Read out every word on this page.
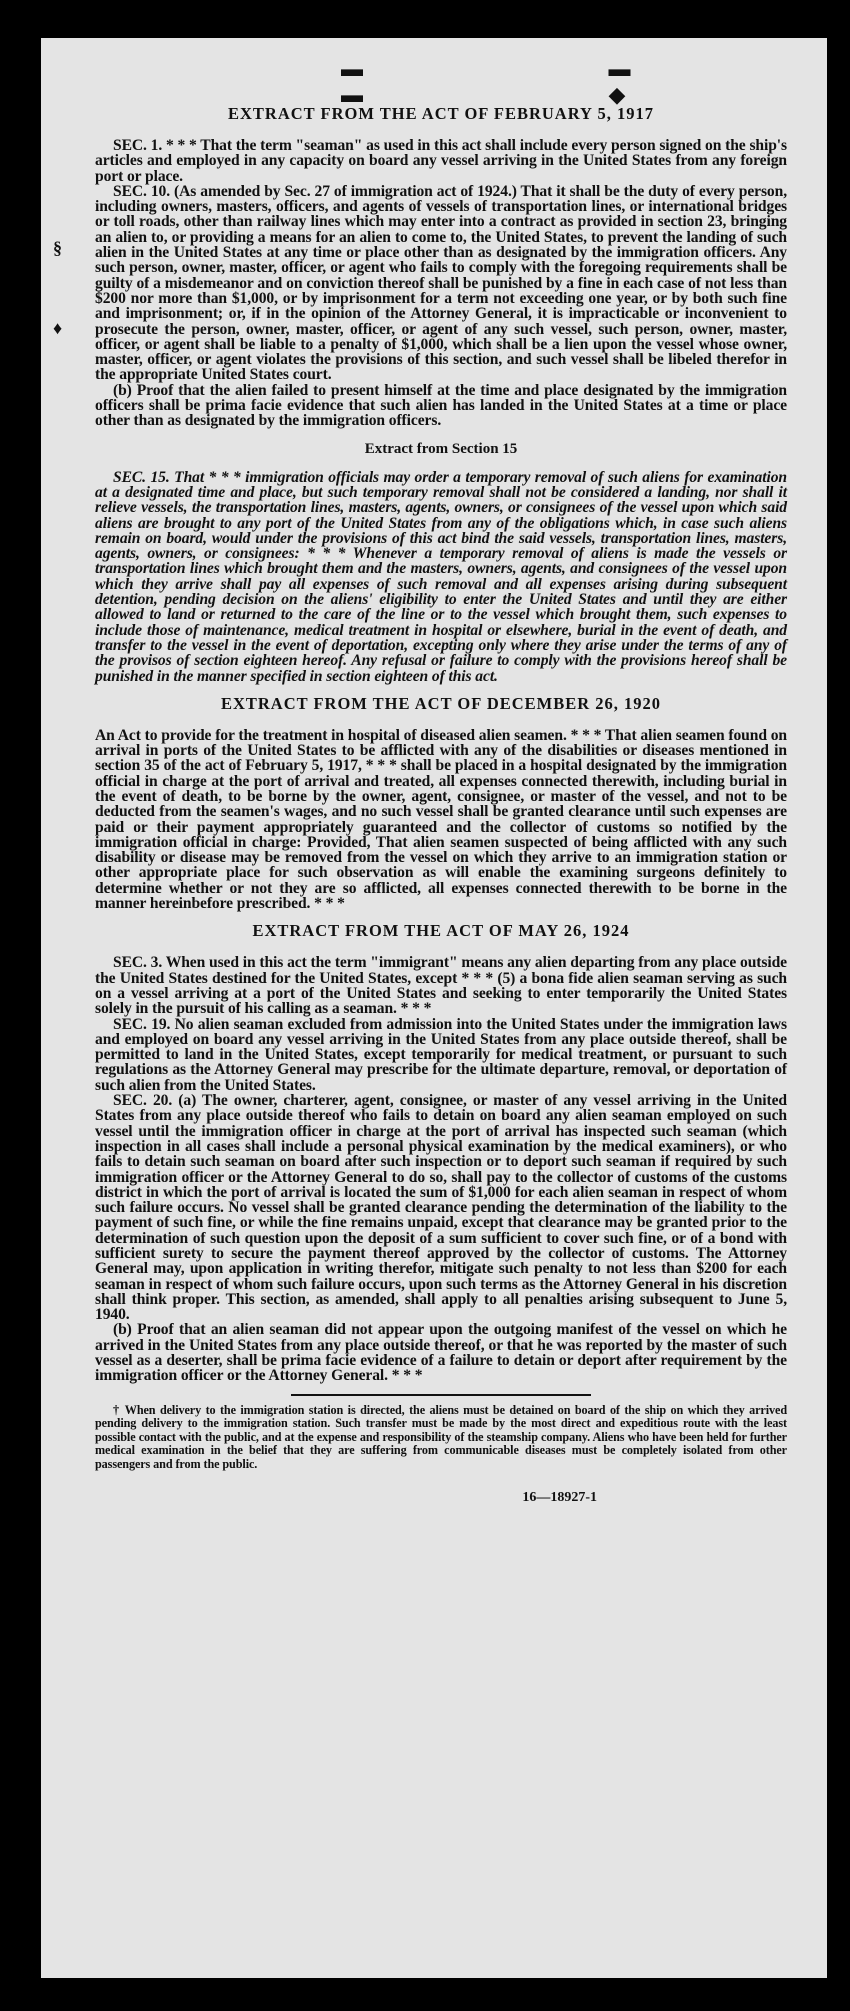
▬ ▬ ▬ ◆
§
♦
EXTRACT FROM THE ACT OF FEBRUARY 5, 1917

SEC. 1. * * * That the term "seaman" as used in this act shall include every person signed on the ship's articles and employed in any capacity on board any vessel arriving in the United States from any foreign port or place.

SEC. 10. (As amended by Sec. 27 of immigration act of 1924.) That it shall be the duty of every person, including owners, masters, officers, and agents of vessels of transportation lines, or international bridges or toll roads, other than railway lines which may enter into a contract as provided in section 23, bringing an alien to, or providing a means for an alien to come to, the United States, to prevent the landing of such alien in the United States at any time or place other than as designated by the immigration officers. Any such person, owner, master, officer, or agent who fails to comply with the foregoing requirements shall be guilty of a misdemeanor and on conviction thereof shall be punished by a fine in each case of not less than $200 nor more than $1,000, or by imprisonment for a term not exceeding one year, or by both such fine and imprisonment; or, if in the opinion of the Attorney General, it is impracticable or inconvenient to prosecute the person, owner, master, officer, or agent of any such vessel, such person, owner, master, officer, or agent shall be liable to a penalty of $1,000, which shall be a lien upon the vessel whose owner, master, officer, or agent violates the provisions of this section, and such vessel shall be libeled therefor in the appropriate United States court.

(b) Proof that the alien failed to present himself at the time and place designated by the immigration officers shall be prima facie evidence that such alien has landed in the United States at a time or place other than as designated by the immigration officers.

Extract from Section 15

SEC. 15. That * * * immigration officials may order a temporary removal of such aliens for examination at a designated time and place, but such temporary removal shall not be considered a landing, nor shall it relieve vessels, the transportation lines, masters, agents, owners, or consignees of the vessel upon which said aliens are brought to any port of the United States from any of the obligations which, in case such aliens remain on board, would under the provisions of this act bind the said vessels, transportation lines, masters, agents, owners, or consignees: * * * Whenever a temporary removal of aliens is made the vessels or transportation lines which brought them and the masters, owners, agents, and consignees of the vessel upon which they arrive shall pay all expenses of such removal and all expenses arising during subsequent detention, pending decision on the aliens' eligibility to enter the United States and until they are either allowed to land or returned to the care of the line or to the vessel which brought them, such expenses to include those of maintenance, medical treatment in hospital or elsewhere, burial in the event of death, and transfer to the vessel in the event of deportation, excepting only where they arise under the terms of any of the provisos of section eighteen hereof. Any refusal or failure to comply with the provisions hereof shall be punished in the manner specified in section eighteen of this act.

EXTRACT FROM THE ACT OF DECEMBER 26, 1920

An Act to provide for the treatment in hospital of diseased alien seamen. * * * That alien seamen found on arrival in ports of the United States to be afflicted with any of the disabilities or diseases mentioned in section 35 of the act of February 5, 1917, * * * shall be placed in a hospital designated by the immigration official in charge at the port of arrival and treated, all expenses connected therewith, including burial in the event of death, to be borne by the owner, agent, consignee, or master of the vessel, and not to be deducted from the seamen's wages, and no such vessel shall be granted clearance until such expenses are paid or their payment appropriately guaranteed and the collector of customs so notified by the immigration official in charge: Provided, That alien seamen suspected of being afflicted with any such disability or disease may be removed from the vessel on which they arrive to an immigration station or other appropriate place for such observation as will enable the examining surgeons definitely to determine whether or not they are so afflicted, all expenses connected therewith to be borne in the manner hereinbefore prescribed. * * *

EXTRACT FROM THE ACT OF MAY 26, 1924

SEC. 3. When used in this act the term "immigrant" means any alien departing from any place outside the United States destined for the United States, except * * * (5) a bona fide alien seaman serving as such on a vessel arriving at a port of the United States and seeking to enter temporarily the United States solely in the pursuit of his calling as a seaman. * * *

SEC. 19. No alien seaman excluded from admission into the United States under the immigration laws and employed on board any vessel arriving in the United States from any place outside thereof, shall be permitted to land in the United States, except temporarily for medical treatment, or pursuant to such regulations as the Attorney General may prescribe for the ultimate departure, removal, or deportation of such alien from the United States.

SEC. 20. (a) The owner, charterer, agent, consignee, or master of any vessel arriving in the United States from any place outside thereof who fails to detain on board any alien seaman employed on such vessel until the immigration officer in charge at the port of arrival has inspected such seaman (which inspection in all cases shall include a personal physical examination by the medical examiners), or who fails to detain such seaman on board after such inspection or to deport such seaman if required by such immigration officer or the Attorney General to do so, shall pay to the collector of customs of the customs district in which the port of arrival is located the sum of $1,000 for each alien seaman in respect of whom such failure occurs. No vessel shall be granted clearance pending the determination of the liability to the payment of such fine, or while the fine remains unpaid, except that clearance may be granted prior to the determination of such question upon the deposit of a sum sufficient to cover such fine, or of a bond with sufficient surety to secure the payment thereof approved by the collector of customs. The Attorney General may, upon application in writing therefor, mitigate such penalty to not less than $200 for each seaman in respect of whom such failure occurs, upon such terms as the Attorney General in his discretion shall think proper. This section, as amended, shall apply to all penalties arising subsequent to June 5, 1940.

(b) Proof that an alien seaman did not appear upon the outgoing manifest of the vessel on which he arrived in the United States from any place outside thereof, or that he was reported by the master of such vessel as a deserter, shall be prima facie evidence of a failure to detain or deport after requirement by the immigration officer or the Attorney General. * * *

† When delivery to the immigration station is directed, the aliens must be detained on board of the ship on which they arrived pending delivery to the immigration station. Such transfer must be made by the most direct and expeditious route with the least possible contact with the public, and at the expense and responsibility of the steamship company. Aliens who have been held for further medical examination in the belief that they are suffering from communicable diseases must be completely isolated from other passengers and from the public.

16—18927-1
